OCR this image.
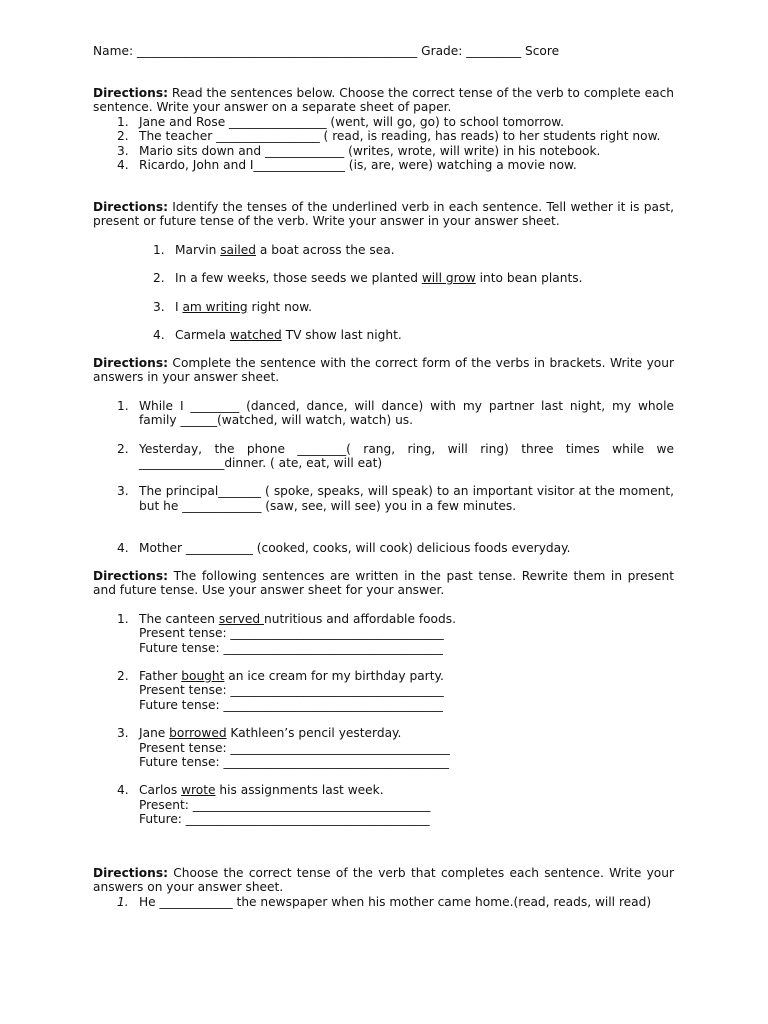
Name: ______________________________________________ Grade: _________ Score

Directions: Read the sentences below. Choose the correct tense of the verb to complete each sentence. Write your answer on a separate sheet of paper.

1. Jane and Rose ________________ (went, will go, go) to school tomorrow.
2. The teacher _________________ ( read, is reading, has reads) to her students right now.
3. Mario sits down and _____________ (writes, wrote, will write) in his notebook.
4. Ricardo, John and I_______________ (is, are, were) watching a movie now.

Directions: Identify the tenses of the underlined verb in each sentence. Tell wether it is past, present or future tense of the verb. Write your answer in your answer sheet.

1. Marvin sailed a boat across the sea.
2. In a few weeks, those seeds we planted will grow into bean plants.
3. I am writing right now.
4. Carmela watched TV show last night.

Directions: Complete the sentence with the correct form of the verbs in brackets. Write your answers in your answer sheet.

1. While I ________ (danced, dance, will dance) with my partner last night, my whole family ______(watched, will watch, watch) us.
2. Yesterday, the phone ________( rang, ring, will ring) three times while we ______________dinner. ( ate, eat, will eat)
3. The principal_______ ( spoke, speaks, will speak) to an important visitor at the moment, but he _____________ (saw, see, will see) you in a few minutes.
4. Mother ___________ (cooked, cooks, will cook) delicious foods everyday.

Directions: The following sentences are written in the past tense. Rewrite them in present and future tense. Use your answer sheet for your answer.

1. The canteen served nutritious and affordable foods.
Present tense: ___________________________________
Future tense: ____________________________________
2. Father bought an ice cream for my birthday party.
Present tense: ___________________________________
Future tense: ____________________________________
3. Jane borrowed Kathleen’s pencil yesterday.
Present tense: ____________________________________
Future tense: _____________________________________
4. Carlos wrote his assignments last week.
Present: _______________________________________
Future: ________________________________________

Directions: Choose the correct tense of the verb that completes each sentence. Write your answers on your answer sheet.

1. He ____________ the newspaper when his mother came home.(read, reads, will read)
